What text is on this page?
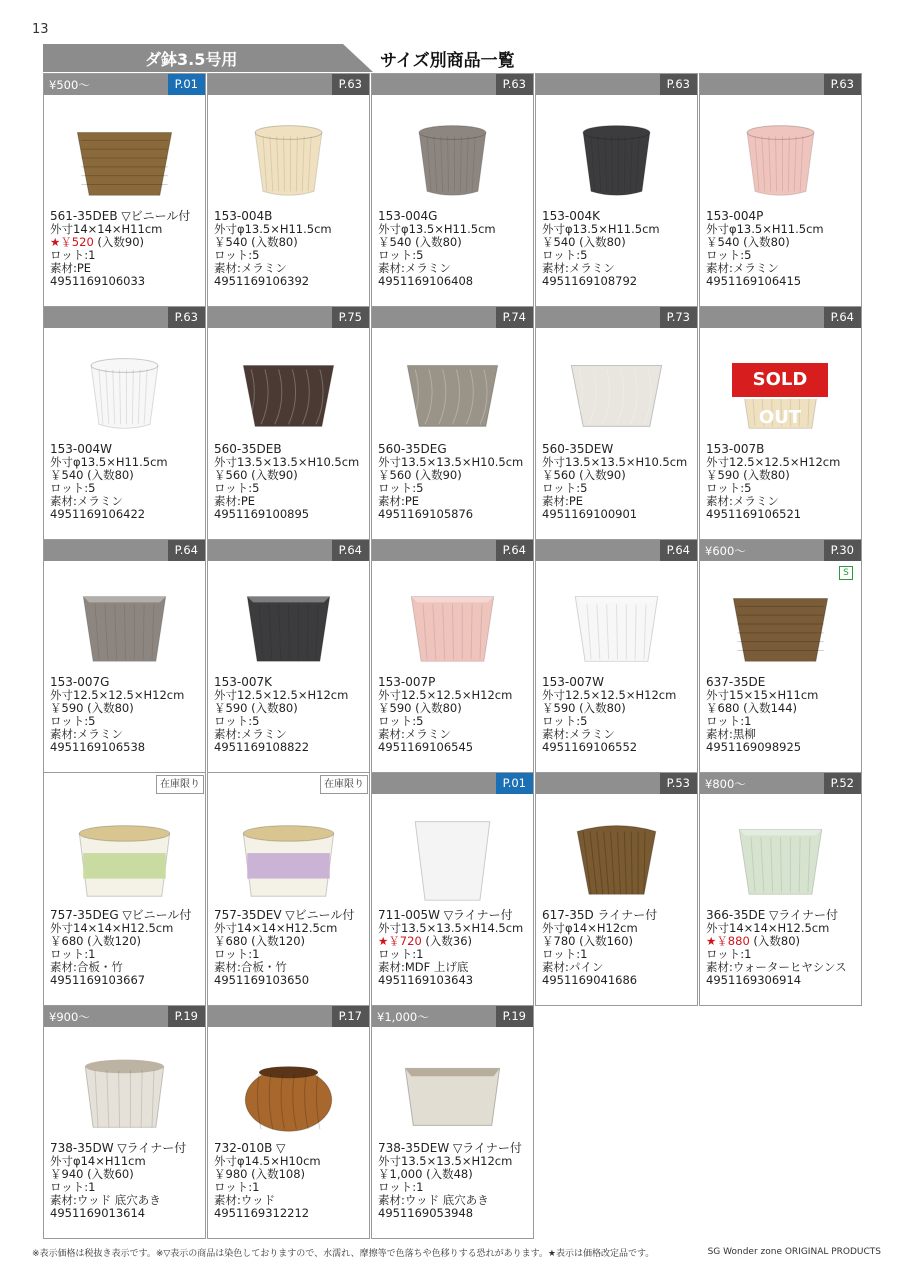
13
ダ鉢3.5号用	サイズ別商品一覧
¥500～	P.01
561-35DEB ▽ビニール付
外寸14×14×H11cm
★￥520 (入数90)
ロット:1
素材:PE
4951169106033
P.63
153-004B
外寸φ13.5×H11.5cm
￥540 (入数80)
ロット:5
素材:メラミン
4951169106392
P.63
153-004G
外寸φ13.5×H11.5cm
￥540 (入数80)
ロット:5
素材:メラミン
4951169106408
P.63
153-004K
外寸φ13.5×H11.5cm
￥540 (入数80)
ロット:5
素材:メラミン
4951169108792
P.63
153-004P
外寸φ13.5×H11.5cm
￥540 (入数80)
ロット:5
素材:メラミン
4951169106415
P.63
153-004W
外寸φ13.5×H11.5cm
￥540 (入数80)
ロット:5
素材:メラミン
4951169106422
P.75
560-35DEB
外寸13.5×13.5×H10.5cm
￥560 (入数90)
ロット:5
素材:PE
4951169100895
P.74
560-35DEG
外寸13.5×13.5×H10.5cm
￥560 (入数90)
ロット:5
素材:PE
4951169105876
P.73
560-35DEW
外寸13.5×13.5×H10.5cm
￥560 (入数90)
ロット:5
素材:PE
4951169100901
P.64
SOLD OUT
153-007B
外寸12.5×12.5×H12cm
￥590 (入数80)
ロット:5
素材:メラミン
4951169106521
P.64
153-007G
外寸12.5×12.5×H12cm
￥590 (入数80)
ロット:5
素材:メラミン
4951169106538
P.64
153-007K
外寸12.5×12.5×H12cm
￥590 (入数80)
ロット:5
素材:メラミン
4951169108822
P.64
153-007P
外寸12.5×12.5×H12cm
￥590 (入数80)
ロット:5
素材:メラミン
4951169106545
P.64
153-007W
外寸12.5×12.5×H12cm
￥590 (入数80)
ロット:5
素材:メラミン
4951169106552
¥600～	P.30
S
637-35DE
外寸15×15×H11cm
￥680 (入数144)
ロット:1
素材:黒柳
4951169098925
在庫限り
757-35DEG ▽ビニール付
外寸14×14×H12.5cm
￥680 (入数120)
ロット:1
素材:合板・竹
4951169103667
在庫限り
757-35DEV ▽ビニール付
外寸14×14×H12.5cm
￥680 (入数120)
ロット:1
素材:合板・竹
4951169103650
P.01
711-005W ▽ライナー付
外寸13.5×13.5×H14.5cm
★￥720 (入数36)
ロット:1
素材:MDF 上げ底
4951169103643
P.53
617-35D ライナー付
外寸φ14×H12cm
￥780 (入数160)
ロット:1
素材:パイン
4951169041686
¥800～	P.52
366-35DE ▽ライナー付
外寸14×14×H12.5cm
★￥880 (入数80)
ロット:1
素材:ウォーターヒヤシンス
4951169306914
¥900～	P.19
738-35DW ▽ライナー付
外寸φ14×H11cm
￥940 (入数60)
ロット:1
素材:ウッド 底穴あき
4951169013614
P.17
732-010B ▽
外寸φ14.5×H10cm
￥980 (入数108)
ロット:1
素材:ウッド
4951169312212
¥1,000～	P.19
738-35DEW ▽ライナー付
外寸13.5×13.5×H12cm
￥1,000 (入数48)
ロット:1
素材:ウッド 底穴あき
4951169053948
※表示価格は税抜き表示です。※▽表示の商品は染色しておりますので、水濡れ、摩擦等で色落ちや色移りする恐れがあります。★表示は価格改定品です。	SG Wonder zone ORIGINAL PRODUCTS
